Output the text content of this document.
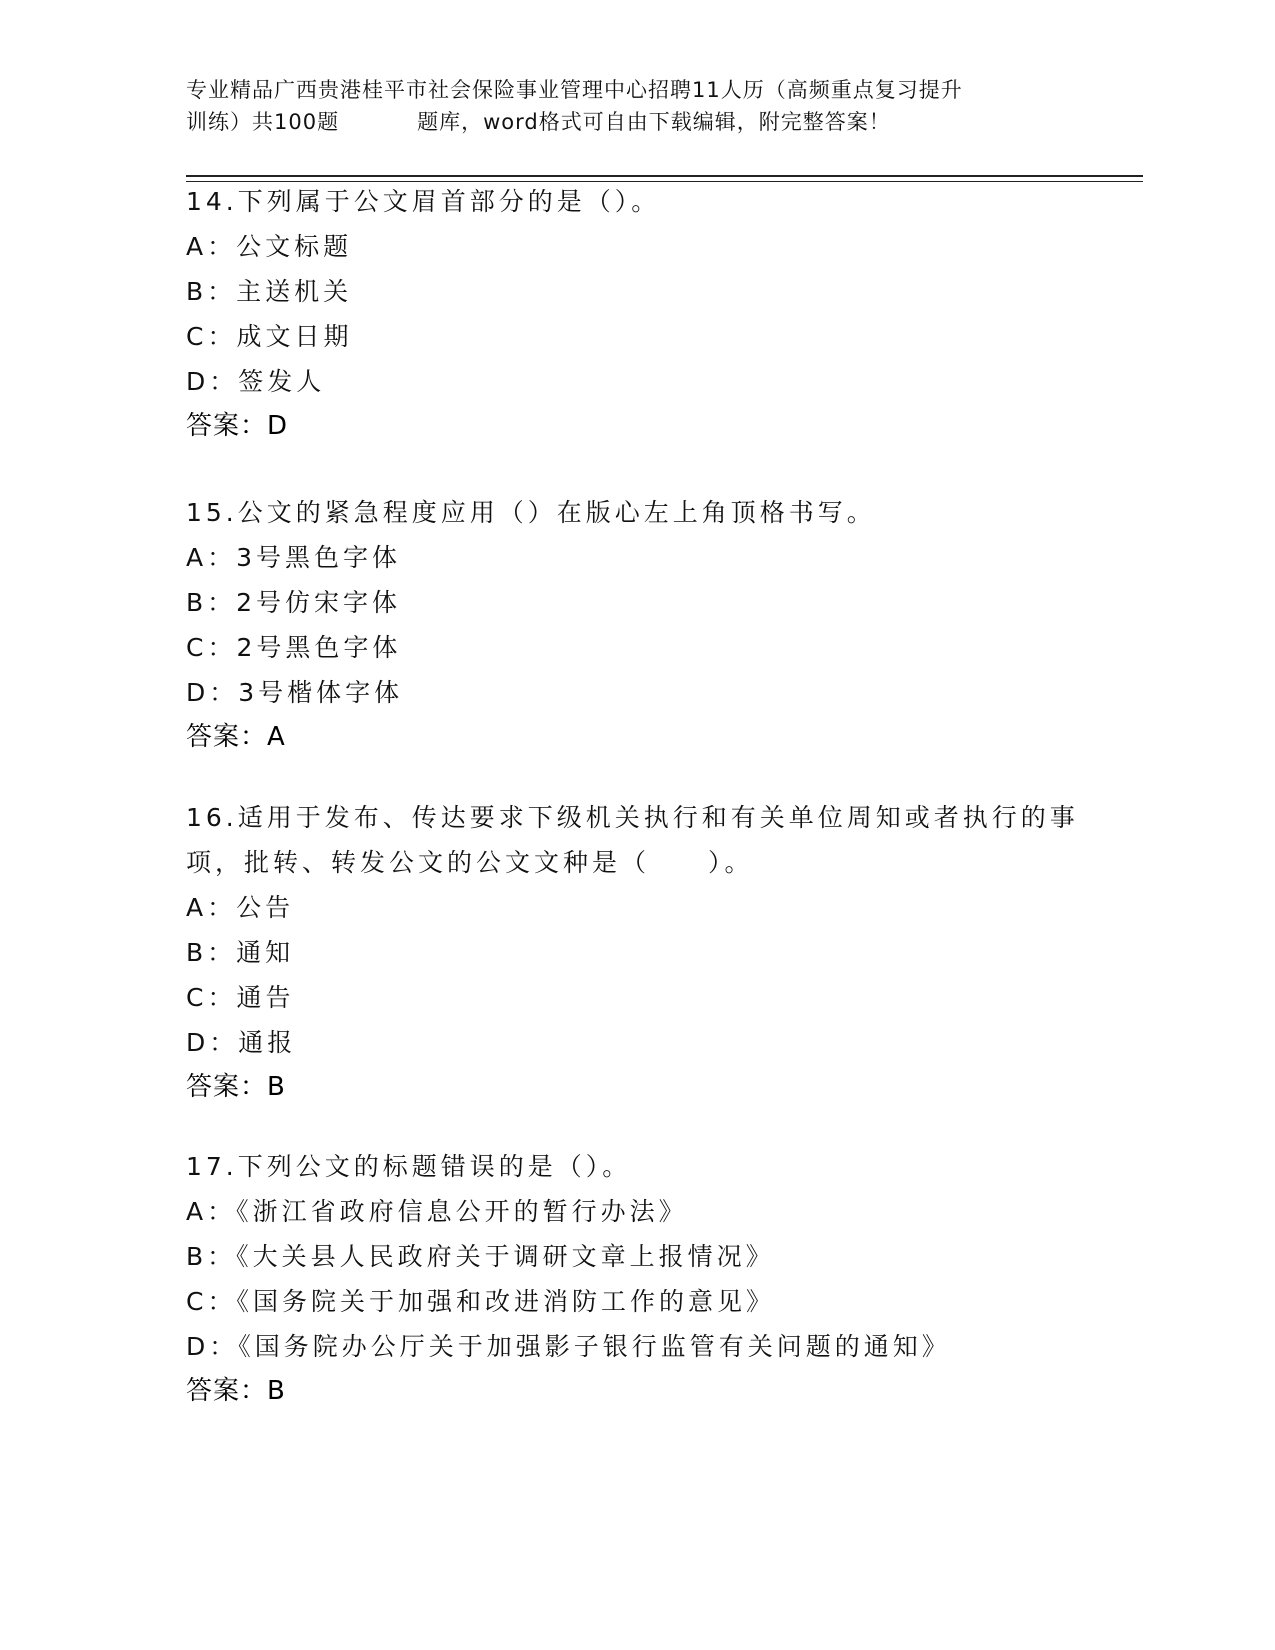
专业精品广西贵港桂平市社会保险事业管理中心招聘11人历（高频重点复习提升
训练）共100题	题库，word格式可自由下载编辑，附完整答案！
14.下列属于公文眉首部分的是（）。
A：公文标题
B：主送机关
C：成文日期
D：签发人
答案：D
15.公文的紧急程度应用（）在版心左上角顶格书写。
A：3号黑色字体
B：2号仿宋字体
C：2号黑色字体
D：3号楷体字体
答案：A
16.适用于发布、传达要求下级机关执行和有关单位周知或者执行的事
项，批转、转发公文的公文文种是（　　）。
A：公告
B：通知
C：通告
D：通报
答案：B
17.下列公文的标题错误的是（）。
A：《浙江省政府信息公开的暂行办法》
B：《大关县人民政府关于调研文章上报情况》
C：《国务院关于加强和改进消防工作的意见》
D：《国务院办公厅关于加强影子银行监管有关问题的通知》
答案：B
